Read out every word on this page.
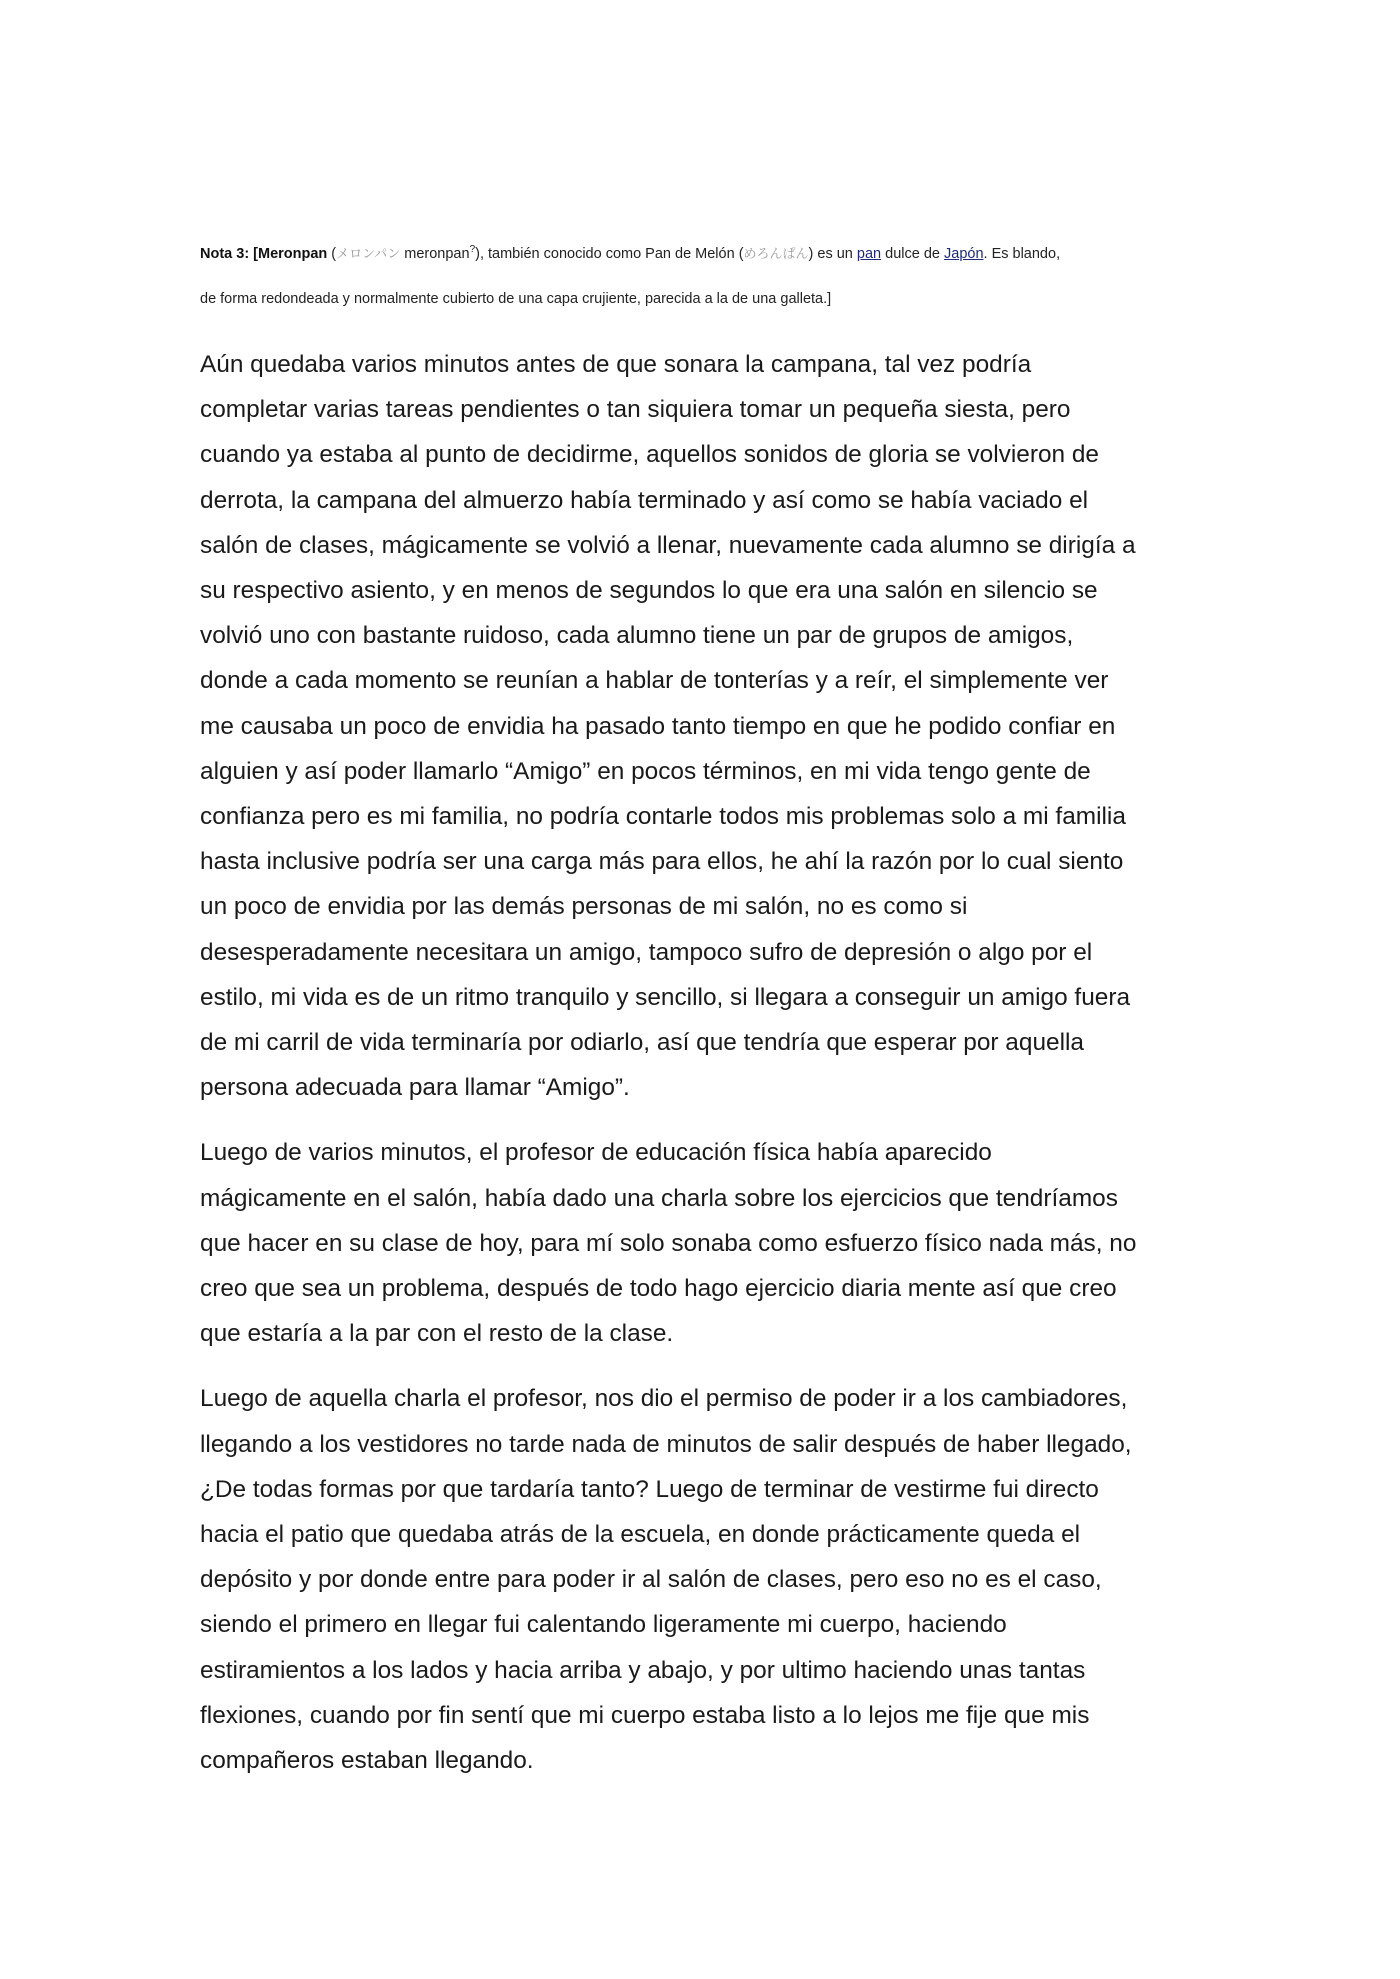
Nota 3: [Meronpan (メロンパン meronpan?), también conocido como Pan de Melón (めろんぱん) es un pan dulce de Japón. Es blando,
de forma redondeada y normalmente cubierto de una capa crujiente, parecida a la de una galleta.]
Aún quedaba varios minutos antes de que sonara la campana, tal vez podría
completar varias tareas pendientes o tan siquiera tomar un pequeña siesta, pero
cuando ya estaba al punto de decidirme, aquellos sonidos de gloria se volvieron de
derrota, la campana del almuerzo había terminado y así como se había vaciado el
salón de clases, mágicamente se volvió a llenar, nuevamente cada alumno se dirigía a
su respectivo asiento, y en menos de segundos lo que era una salón en silencio se
volvió uno con bastante ruidoso, cada alumno tiene un par de grupos de amigos,
donde a cada momento se reunían a hablar de tonterías y a reír, el simplemente ver
me causaba un poco de envidia ha pasado tanto tiempo en que he podido confiar en
alguien y así poder llamarlo “Amigo” en pocos términos, en mi vida tengo gente de
confianza pero es mi familia, no podría contarle todos mis problemas solo a mi familia
hasta inclusive podría ser una carga más para ellos, he ahí la razón por lo cual siento
un poco de envidia por las demás personas de mi salón, no es como si
desesperadamente necesitara un amigo, tampoco sufro de depresión o algo por el
estilo, mi vida es de un ritmo tranquilo y sencillo, si llegara a conseguir un amigo fuera
de mi carril de vida terminaría por odiarlo, así que tendría que esperar por aquella
persona adecuada para llamar “Amigo”.
Luego de varios minutos, el profesor de educación física había aparecido
mágicamente en el salón, había dado una charla sobre los ejercicios que tendríamos
que hacer en su clase de hoy, para mí solo sonaba como esfuerzo físico nada más, no
creo que sea un problema, después de todo hago ejercicio diaria mente así que creo
que estaría a la par con el resto de la clase.
Luego de aquella charla el profesor, nos dio el permiso de poder ir a los cambiadores,
llegando a los vestidores no tarde nada de minutos de salir después de haber llegado,
¿De todas formas por que tardaría tanto? Luego de terminar de vestirme fui directo
hacia el patio que quedaba atrás de la escuela, en donde prácticamente queda el
depósito y por donde entre para poder ir al salón de clases, pero eso no es el caso,
siendo el primero en llegar fui calentando ligeramente mi cuerpo, haciendo
estiramientos a los lados y hacia arriba y abajo, y por ultimo haciendo unas tantas
flexiones, cuando por fin sentí que mi cuerpo estaba listo a lo lejos me fije que mis
compañeros estaban llegando.
